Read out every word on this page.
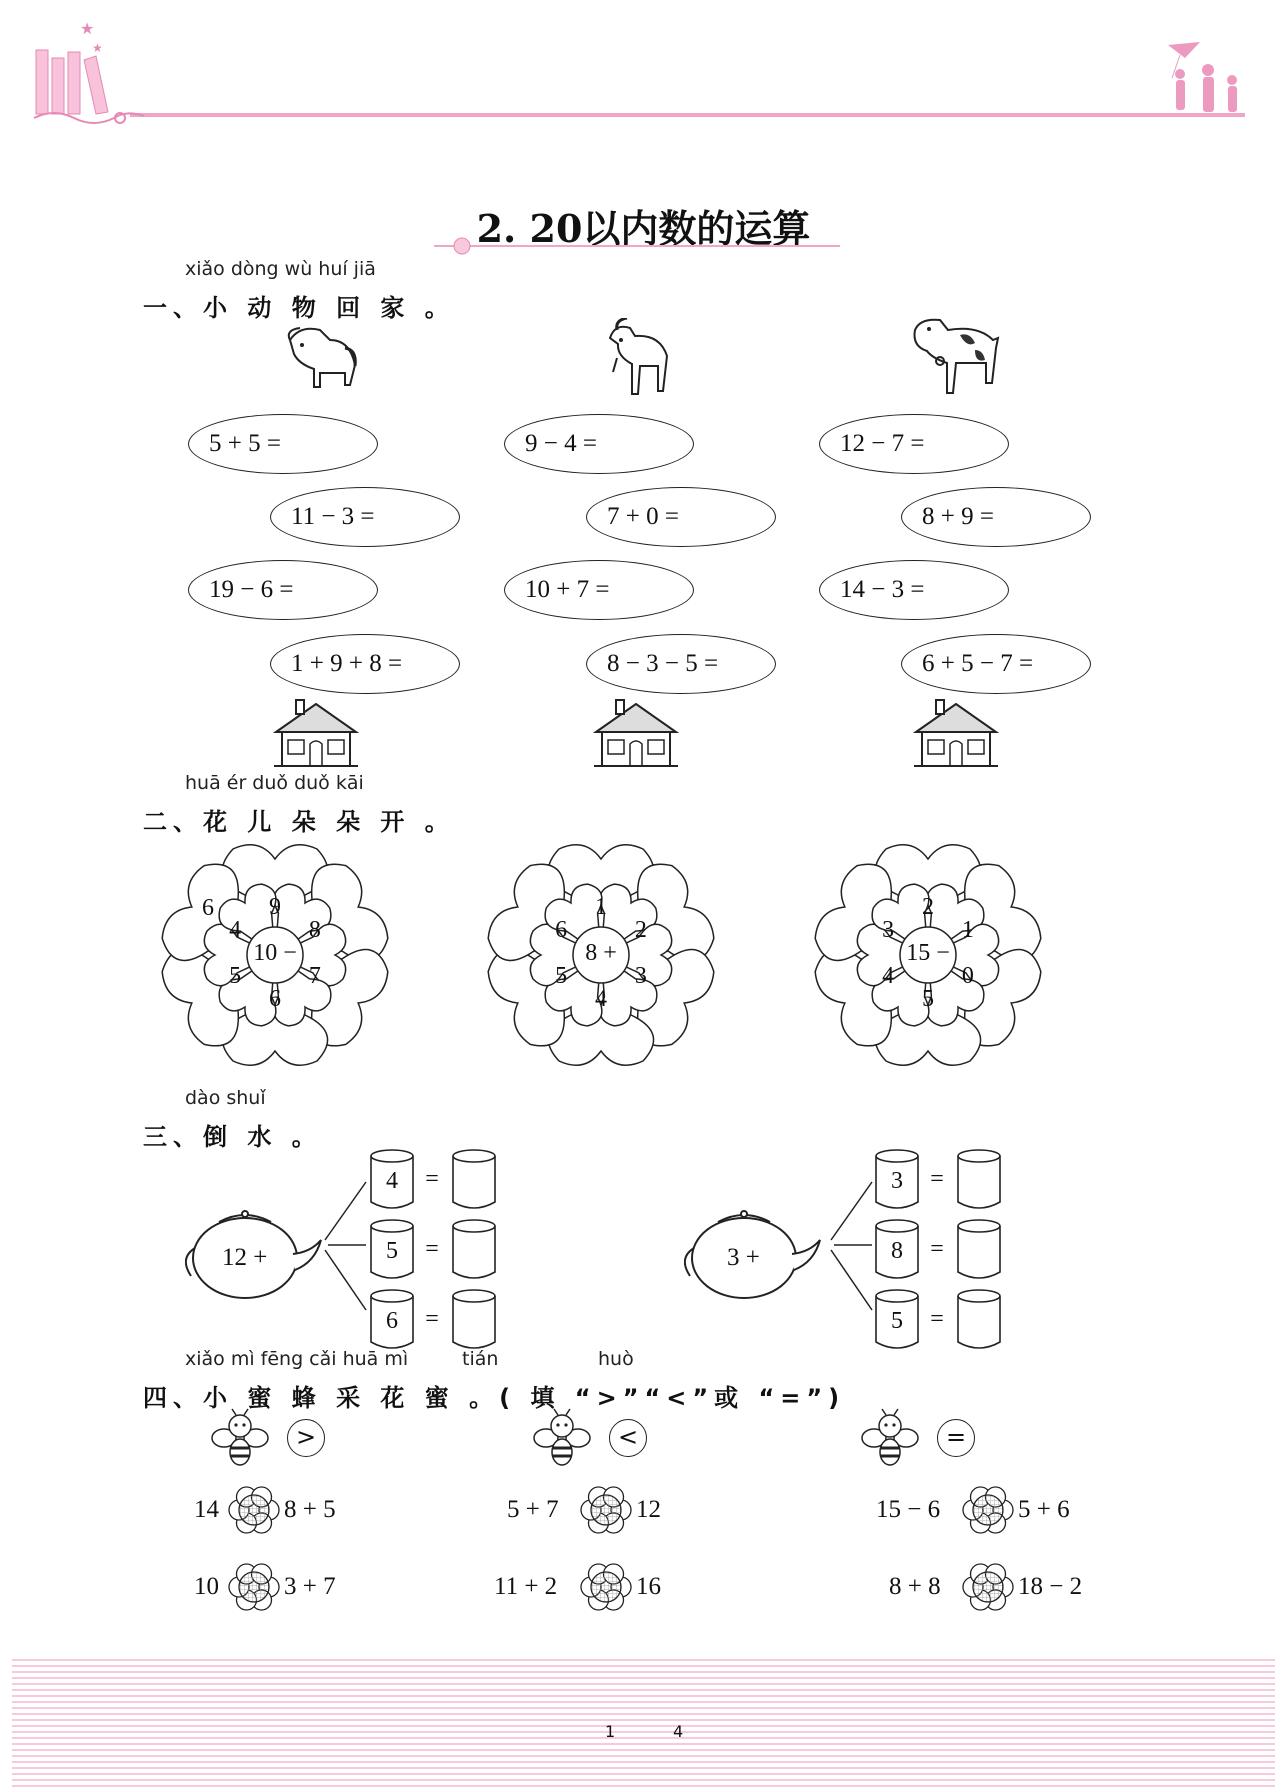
★
★
2. 20以内数的运算
xiǎo dòng wù huí jiā
一、小 动 物 回 家 。
5 + 5 =
11 − 3 =
19 − 6 =
1 + 9 + 8 =
9 − 4 =
7 + 0 =
10 + 7 =
8 − 3 − 5 =
12 − 7 =
8 + 9 =
14 − 3 =
6 + 5 − 7 =
huā ér duǒ duǒ kāi
二、花 儿 朵 朵 开 。
10 −
9
8
7
6
5
4
6
8 +
1
2
3
4
5
6
15 −
2
1
0
5
4
3
dào shuǐ
三、倒 水 。
12 +	3 +
4	=
5	=
6	=
3	=
8	=
5	=
xiǎo mì fēng cǎi huā mì	tián	huò
四、小 蜜 蜂 采 花 蜜 。( 填 “>”“<”或 “=”)
>
14	8 + 5
10	3 + 7
<
5 + 7	12
11 + 2	16
=
15 − 6	5 + 6
8 + 8	18 − 2
1	4
